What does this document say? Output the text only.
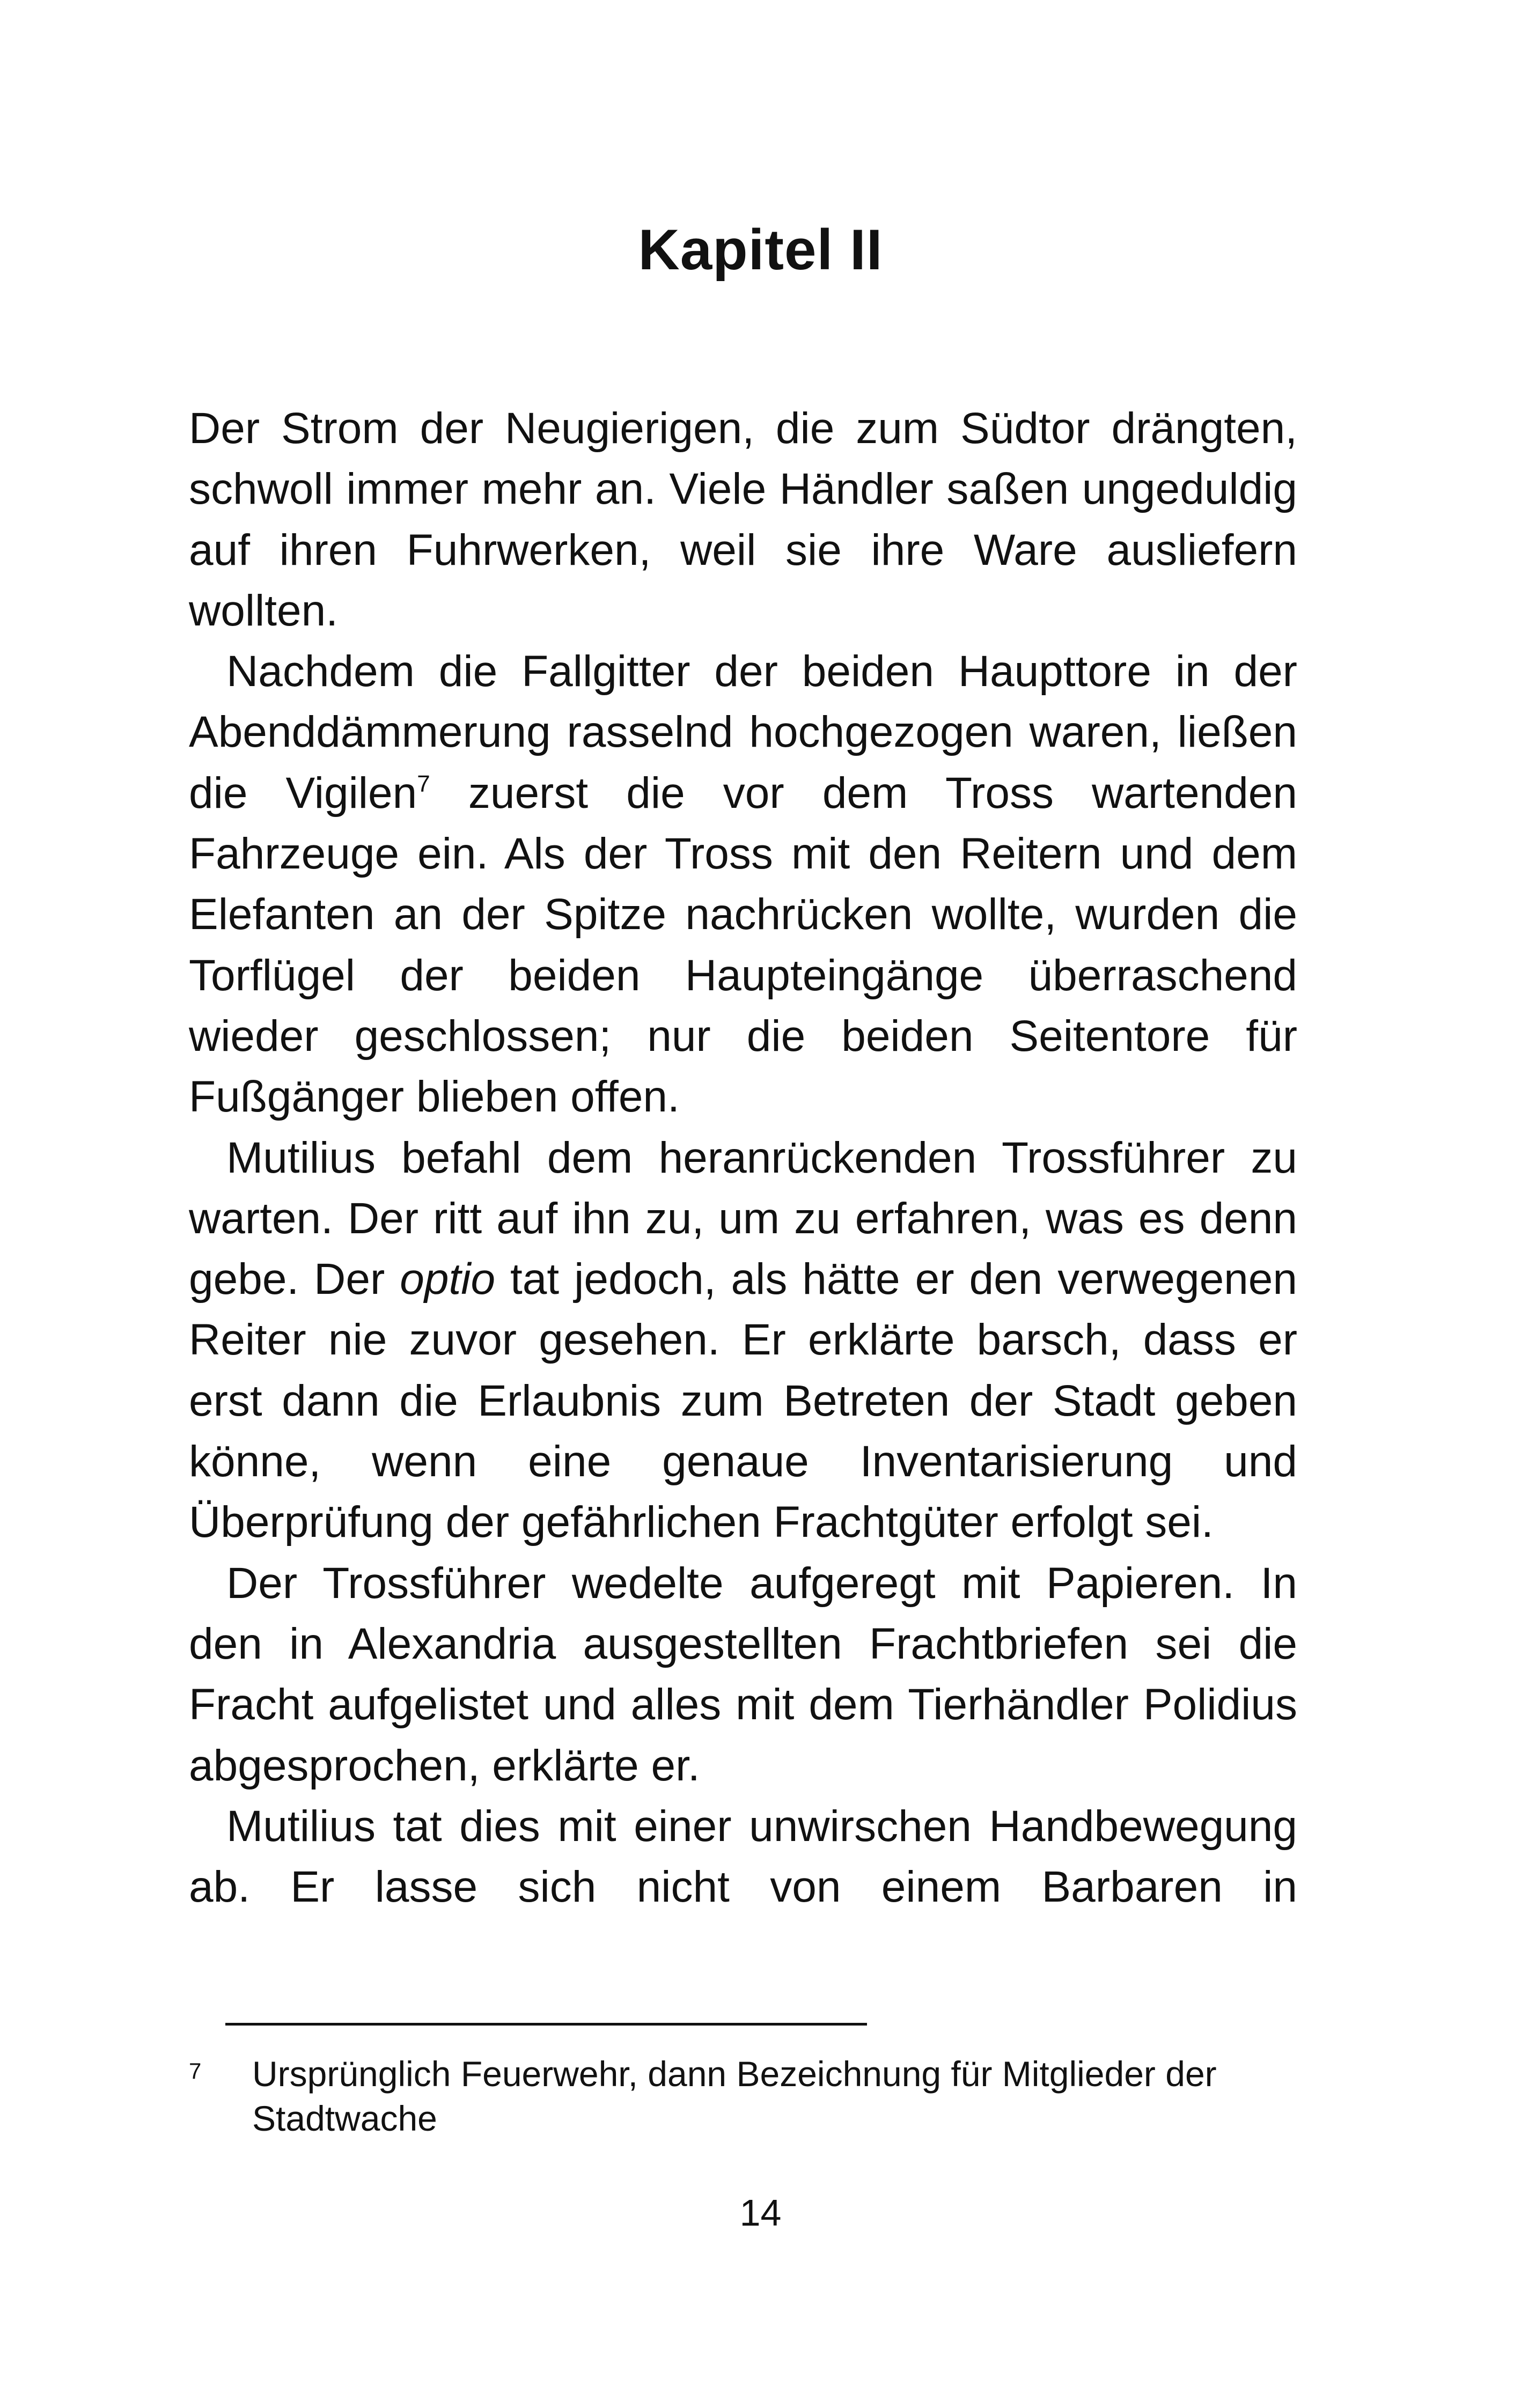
Kapitel II

Der Strom der Neugierigen, die zum Südtor drängten, schwoll immer mehr an. Viele Händler saßen ungeduldig auf ihren Fuhrwerken, weil sie ihre Ware ausliefern wollten.

Nachdem die Fallgitter der beiden Haupttore in der Abenddämmerung rasselnd hochgezogen waren, ließen die Vigilen$^7$ zuerst die vor dem Tross wartenden Fahrzeuge ein. Als der Tross mit den Reitern und dem Elefanten an der Spitze nachrücken wollte, wurden die Torflügel der beiden Haupteingänge überraschend wieder geschlossen; nur die beiden Seitentore für Fußgänger blieben offen.

Mutilius befahl dem heranrückenden Trossführer zu warten. Der ritt auf ihn zu, um zu erfahren, was es denn gebe. Der optio tat jedoch, als hätte er den verwegenen Reiter nie zuvor gesehen. Er erklärte barsch, dass er erst dann die Erlaubnis zum Betreten der Stadt geben könne, wenn eine genaue Inventarisierung und Überprüfung der gefährlichen Frachtgüter erfolgt sei.

Der Trossführer wedelte aufgeregt mit Papieren. In den in Alexandria ausgestellten Frachtbriefen sei die Fracht aufgelistet und alles mit dem Tierhändler Polidius abgesprochen, erklärte er.

Mutilius tat dies mit einer unwirschen Handbewegung ab. Er lasse sich nicht von einem Barbaren in

7 Ursprünglich Feuerwehr, dann Bezeichnung für Mitglieder der Stadtwache
14
